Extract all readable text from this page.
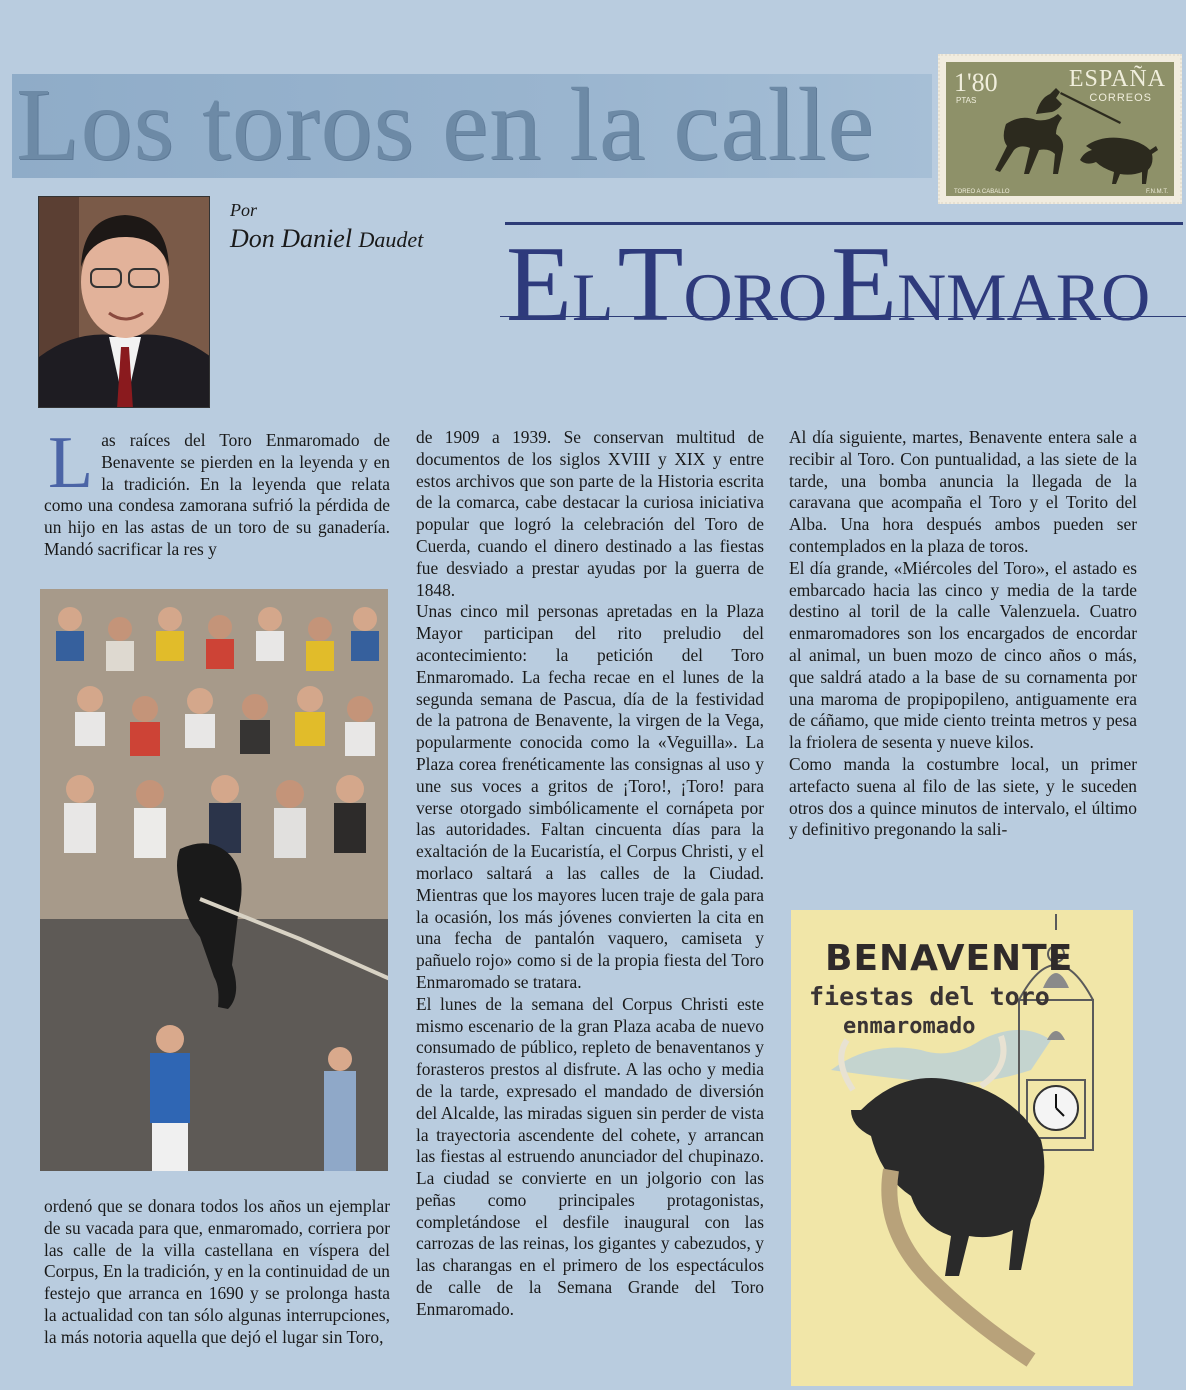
Los toros en la calle	1'80
PTAS
ESPAÑA
CORREOS
TOREO A CABALLO	F.N.M.T.
Por
Don Daniel Daudet EL TORO ENMARO
L as raíces del Toro Enmaromado de Benavente se pierden en la leyenda y en la tradición. En la leyenda que relata como una condesa zamorana sufrió la pérdida de un hijo en las astas de un toro de su ganadería. Mandó sacrificar la res y

ordenó que se donara todos los años un ejemplar de su vacada para que, enmaromado, corriera por las calle de la villa castellana en víspera del Corpus, En la tradición, y en la continuidad de un festejo que arranca en 1690 y se prolonga hasta la actualidad con tan sólo algunas interrupciones, la más notoria aquella que dejó el lugar sin Toro,

de 1909 a 1939. Se conservan multitud de documentos de los siglos XVIII y XIX y entre estos archivos que son parte de la Historia escrita de la comarca, cabe destacar la curiosa iniciativa popular que logró la celebración del Toro de Cuerda, cuando el dinero destinado a las fiestas fue desviado a prestar ayudas por la guerra de 1848.

Unas cinco mil personas apretadas en la Plaza Mayor participan del rito preludio del acontecimiento: la petición del Toro Enmaromado. La fecha recae en el lunes de la segunda semana de Pascua, día de la festividad de la patrona de Benavente, la virgen de la Vega, popularmente conocida como la «Veguilla». La Plaza corea frenéticamente las consignas al uso y une sus voces a gritos de ¡Toro!, ¡Toro! para verse otorgado simbólicamente el cornápeta por las autoridades. Faltan cincuenta días para la exaltación de la Eucaristía, el Corpus Christi, y el morlaco saltará a las calles de la Ciudad. Mientras que los mayores lucen traje de gala para la ocasión, los más jóvenes convierten la cita en una fecha de pantalón vaquero, camiseta y pañuelo rojo» como si de la propia fiesta del Toro Enmaromado se tratara.

El lunes de la semana del Corpus Christi este mismo escenario de la gran Plaza acaba de nuevo consumado de público, repleto de benaventanos y forasteros prestos al disfrute. A las ocho y media de la tarde, expresado el mandado de diversión del Alcalde, las miradas siguen sin perder de vista la trayectoria ascendente del cohete, y arrancan las fiestas al estruendo anunciador del chupinazo. La ciudad se convierte en un jolgorio con las peñas como principales protagonistas, completándose el desfile inaugural con las carrozas de las reinas, los gigantes y cabezudos, y las charangas en el primero de los espectáculos de calle de la Semana Grande del Toro Enmaromado.

Al día siguiente, martes, Benavente entera sale a recibir al Toro. Con puntualidad, a las siete de la tarde, una bomba anuncia la llegada de la caravana que acompaña el Toro y el Torito del Alba. Una hora después ambos pueden ser contemplados en la plaza de toros.

El día grande, «Miércoles del Toro», el astado es embarcado hacia las cinco y media de la tarde destino al toril de la calle Valenzuela. Cuatro enmaromadores son los encargados de encordar al animal, un buen mozo de cinco años o más, que saldrá atado a la base de su cornamenta por una maroma de propipopileno, antiguamente era de cáñamo, que mide ciento treinta metros y pesa la friolera de sesenta y nueve kilos.

Como manda la costumbre local, un primer artefacto suena al filo de las siete, y le suceden otros dos a quince minutos de intervalo, el último y definitivo pregonando la sali-

BENAVENTE
fiestas del toro
enmaromado
